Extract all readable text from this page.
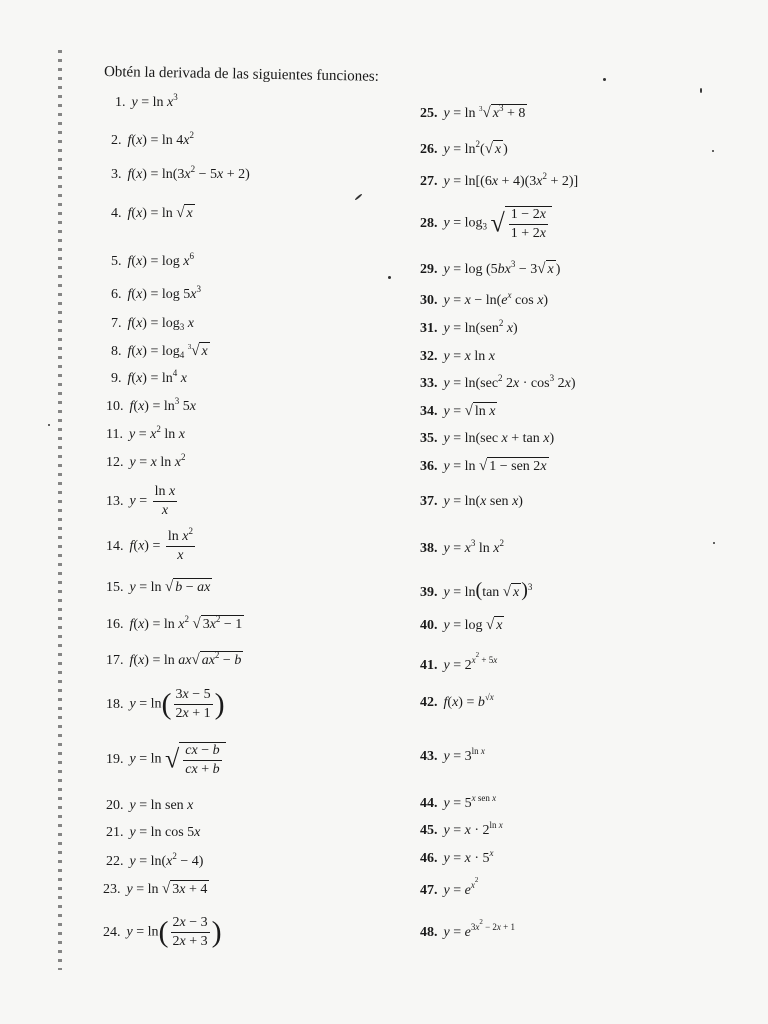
Obtén la derivada de las siguientes funciones:
1. $y = \ln x^3$
2. $f(x) = \ln 4x^2$
3. $f(x) = \ln(3x^2 - 5x + 2)$
4. f(x) = ln √ x
5. $f(x) = \log x^6$
6. $f(x) = \log 5x^3$
7. $f(x) = \log_3 x$
8. $f(x) = \log_4 ^3√$ x
9. $f(x) = \ln^4 x$
10. $f(x) = \ln^3 5x$
11. $y = x^2$ ln x
12. y = x $\ln x^2$
13. $y = \frac{\text{ln x}}{x}$
14. $f(x) = \frac{\ln x^2}{x}$
15. y = ln √ b − ax
16. $f(x) = \ln x^2$ √ $3x^2 - 1$
17. f(x) = ln ax√ $ax^2 - b$
18. $y = \ln( \frac{3x - 5}{2x + 1}$ )
19. y = ln √ $\frac{cx - b}{cx + b}$
20. y = ln sen x
21. y = ln cos 5x
22. $y = \ln(x^2 - 4)$
23. y = ln √ 3x + 4
24. $y = \ln( \frac{2x - 3}{2x + 3}$ )
25. y = ln $^3$√ $x^3 + 8$
26. $y = \ln^2(√$ x )
27. $y = \ln[(6x + 4)(3x^2 + 2)]$
28. $y = \log_3$ √ $\frac{1 - 2x}{1 + 2x}$
29. $y = \log (5bx^3 - 3√$ x )
30. $y = x - \ln(e^x$ cos x)
31. y = ln(sen$^2$ x)
32. y = x ln x
33. $y = \ln(\sec^2$ $2x \cdot \cos^3 2x$)
34. y = √ ln x
35. y = ln(sec x + tan x)
36. y = ln √ 1 − sen 2x
37. y = ln(x sen x)
38. $y = x^3$ $\ln x^2$
39. y = ln(tan √ x )$^3$
40. y = log √ x
41. $y = 2^{x^2 + 5x}$
42. $f(x) = b^{√x}$
43. $y = 3^{ln x}$
44. $y = 5^{x sen x}$
45. $y = x \cdot 2^{ln x}$
46. $y = x \cdot 5^x$
47. $y = e^{x^2}$
48. $y = e^{3x^2 - 2x + 1}$
